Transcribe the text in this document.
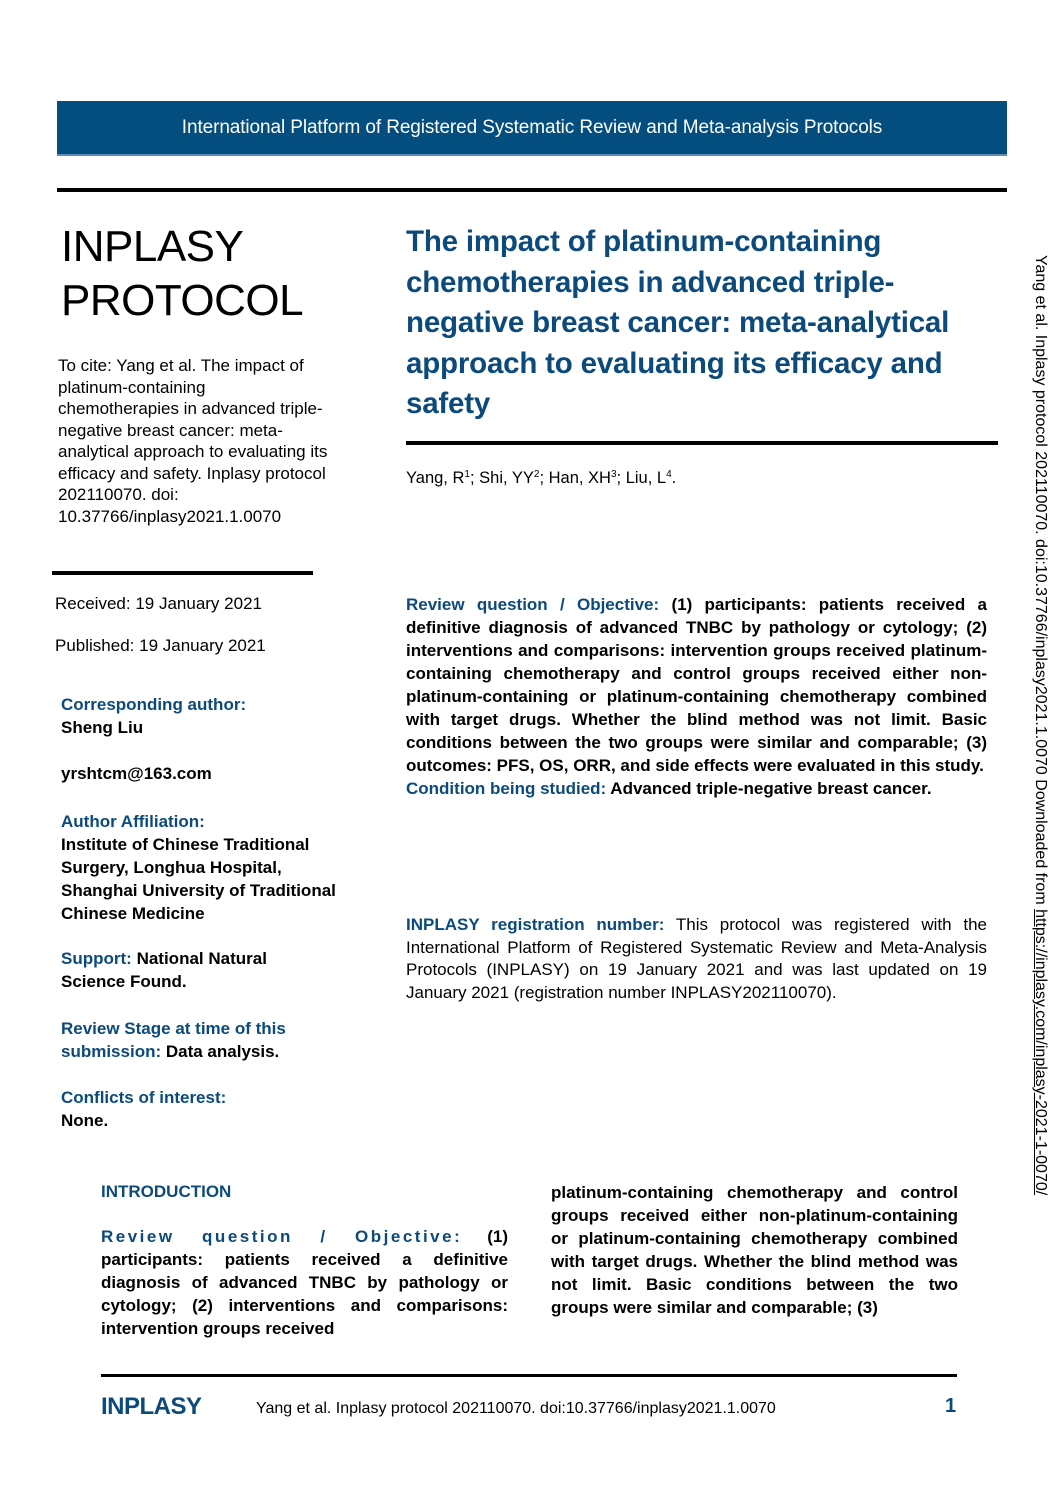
International Platform of Registered Systematic Review and Meta-analysis Protocols
INPLASY
PROTOCOL
To cite: Yang et al. The impact of platinum-containing chemotherapies in advanced triple-negative breast cancer: meta-analytical approach to evaluating its efficacy and safety. Inplasy protocol 202110070. doi: 10.37766/inplasy2021.1.0070
Received: 19 January 2021
Published: 19 January 2021
Corresponding author:
Sheng Liu
yrshtcm@163.com
Author Affiliation:
Institute of Chinese Traditional Surgery, Longhua Hospital, Shanghai University of Traditional Chinese Medicine
Support: National Natural Science Found.
Review Stage at time of this submission: Data analysis.
Conflicts of interest:
None.
The impact of platinum-containing chemotherapies in advanced triple-negative breast cancer: meta-analytical approach to evaluating its efficacy and safety
Yang, $R^1$; Shi, $YY^2$; Han, $XH^3$; Liu, $L^4$.
Review question / Objective: (1) participants: patients received a definitive diagnosis of advanced TNBC by pathology or cytology; (2) interventions and comparisons: intervention groups received platinum-containing chemotherapy and control groups received either non-platinum-containing or platinum-containing chemotherapy combined with target drugs. Whether the blind method was not limit. Basic conditions between the two groups were similar and comparable; (3) outcomes: PFS, OS, ORR, and side effects were evaluated in this study.
Condition being studied: Advanced triple-negative breast cancer.
INPLASY registration number: This protocol was registered with the International Platform of Registered Systematic Review and Meta-Analysis Protocols (INPLASY) on 19 January 2021 and was last updated on 19 January 2021 (registration number INPLASY202110070).
INTRODUCTION
Review question / Objective: (1) participants: patients received a definitive diagnosis of advanced TNBC by pathology or cytology; (2) interventions and comparisons: intervention groups received
platinum-containing chemotherapy and control groups received either non-platinum-containing or platinum-containing chemotherapy combined with target drugs. Whether the blind method was not limit. Basic conditions between the two groups were similar and comparable; (3)
INPLASY	Yang et al. Inplasy protocol 202110070. doi:10.37766/inplasy2021.1.0070	1
Yang et al. Inplasy protocol 202110070. doi:10.37766/inplasy2021.1.0070 Downloaded from https://inplasy.com/inplasy-2021-1-0070/
